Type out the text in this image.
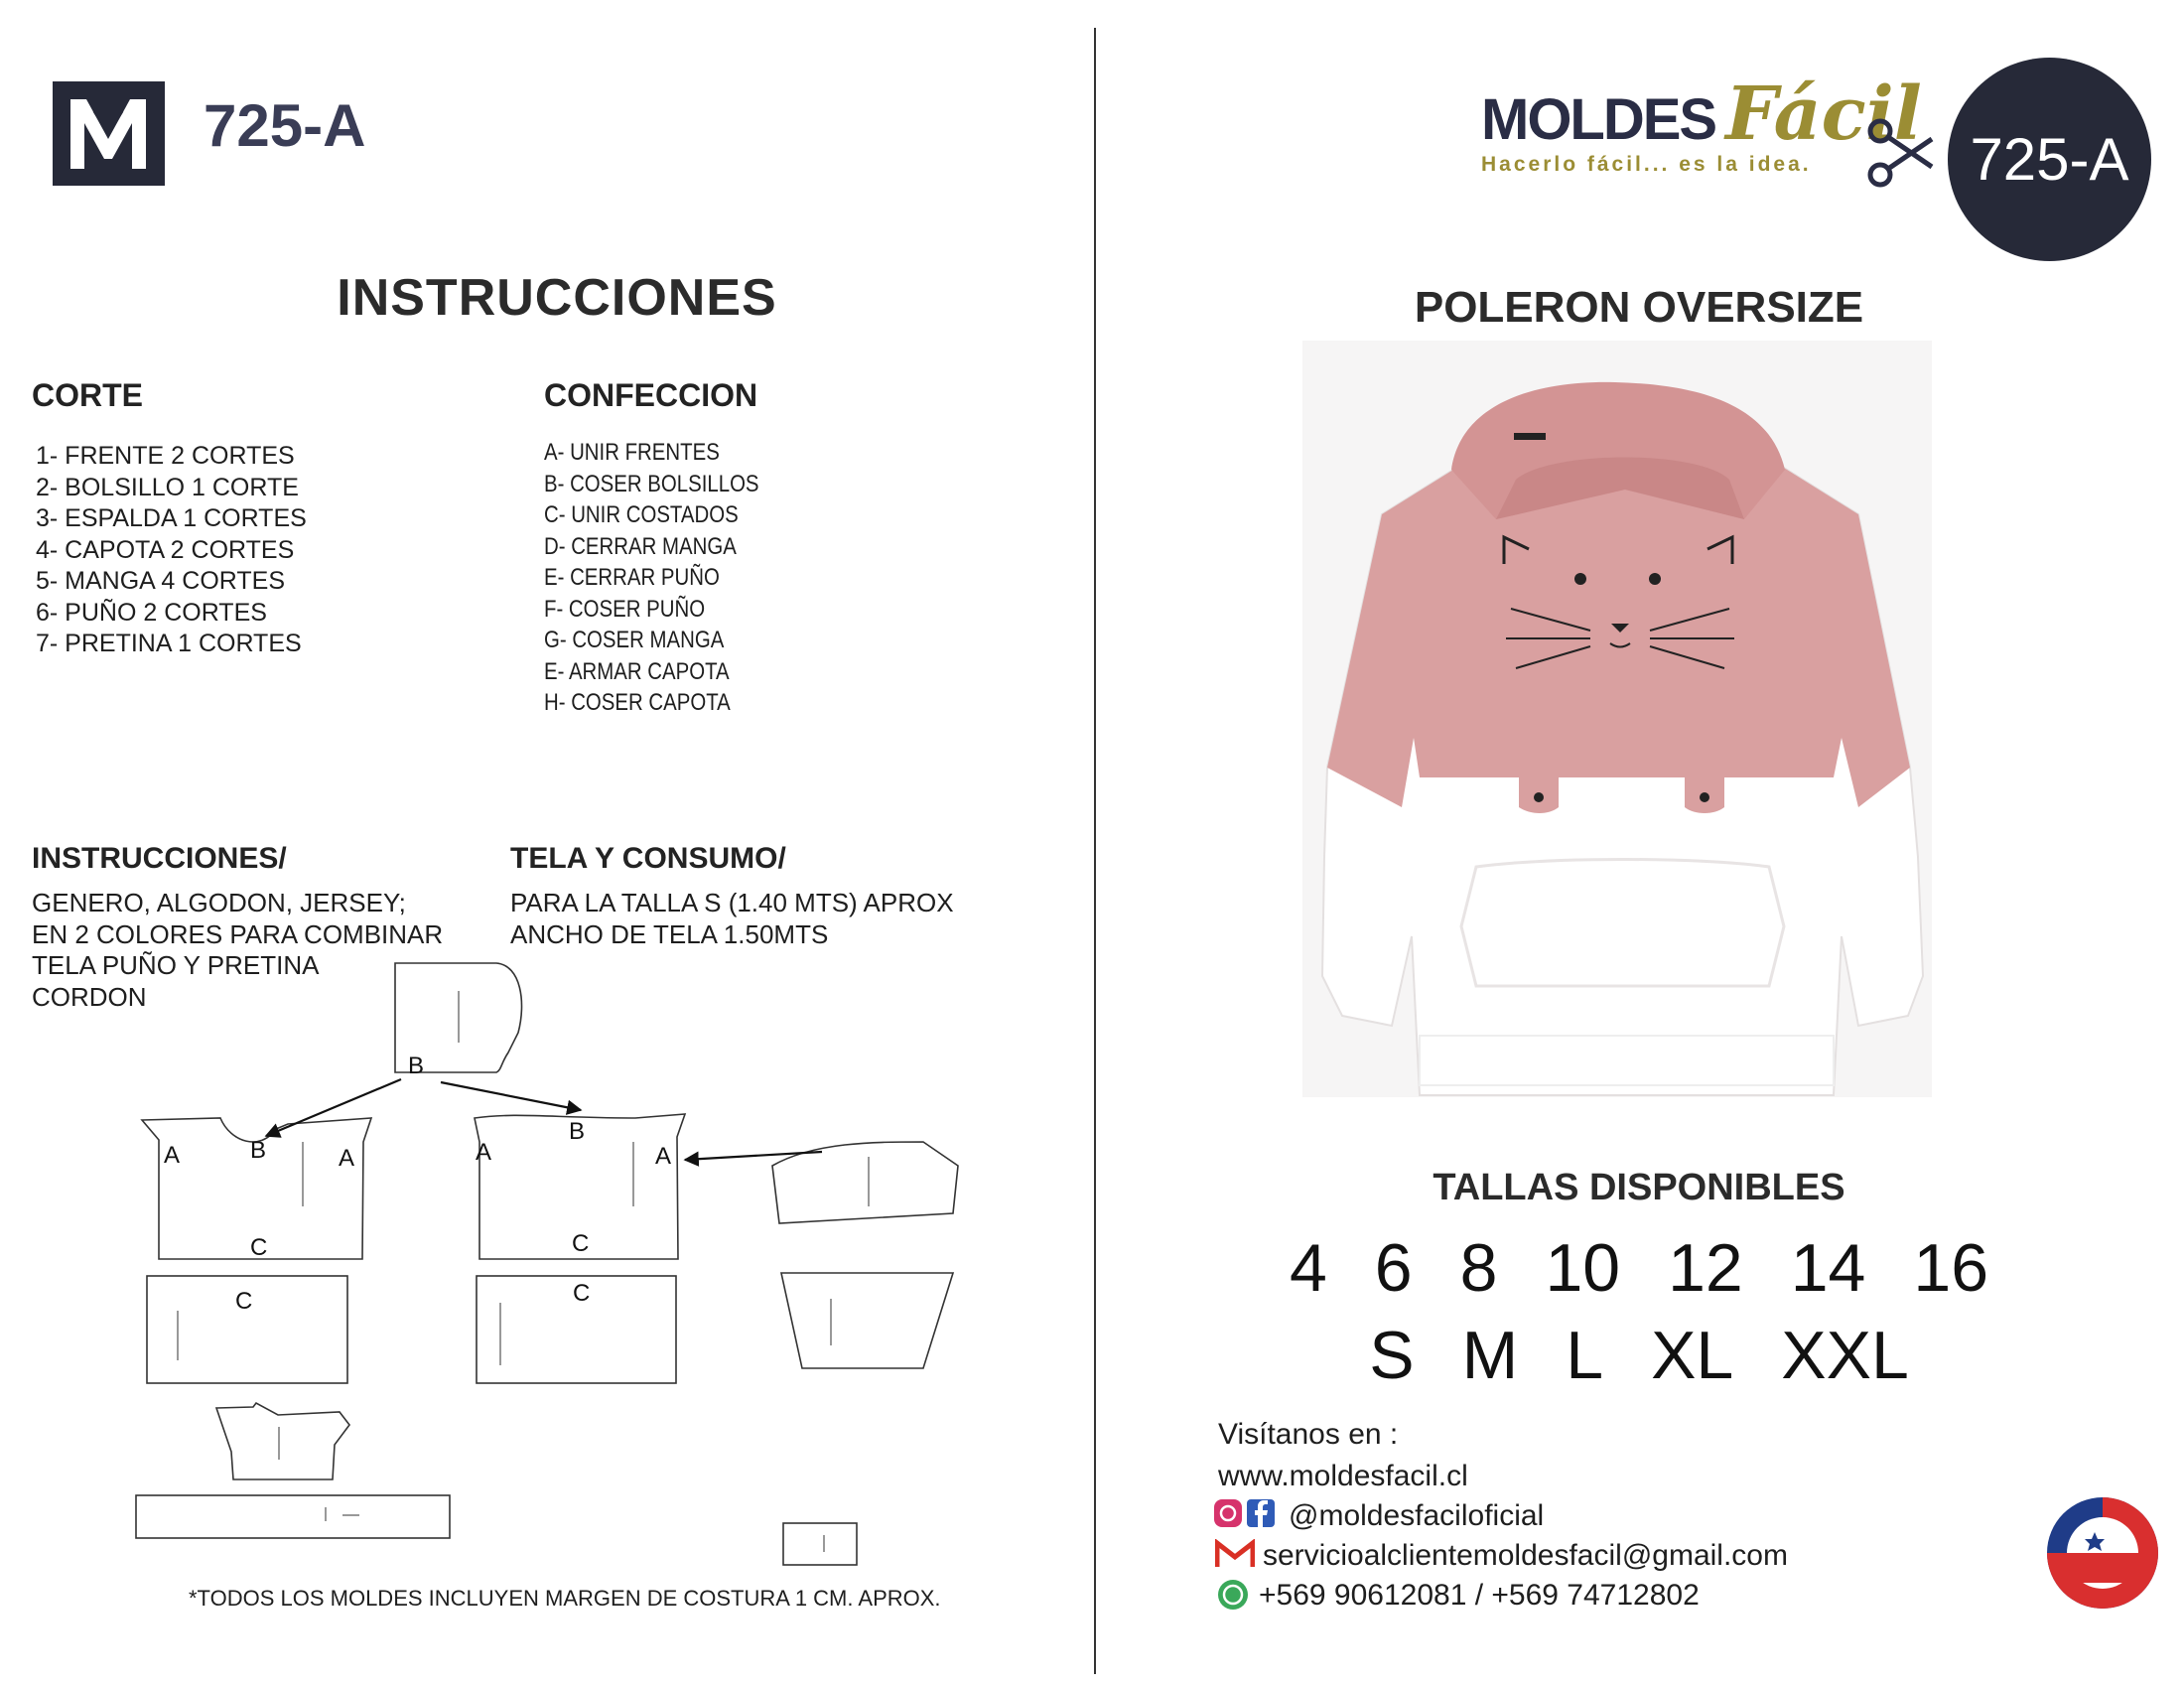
725-A
INSTRUCCIONES
CORTE
1- FRENTE 2 CORTES
2- BOLSILLO 1 CORTE
3- ESPALDA 1 CORTES
4- CAPOTA 2 CORTES
5- MANGA 4 CORTES
6- PUÑO 2 CORTES
7- PRETINA 1 CORTES
CONFECCION
A- UNIR FRENTES
B- COSER BOLSILLOS
C- UNIR COSTADOS
D- CERRAR MANGA
E- CERRAR PUÑO
F- COSER PUÑO
G- COSER MANGA
E- ARMAR CAPOTA
H- COSER CAPOTA
INSTRUCCIONES/
GENERO, ALGODON, JERSEY;
EN 2 COLORES PARA COMBINAR
TELA PUÑO Y PRETINA
CORDON
TELA Y CONSUMO/
PARA LA TALLA S (1.40 MTS) APROX
ANCHO DE TELA 1.50MTS
B
A	B	A	A
B
A
C	C
C	C
*TODOS LOS MOLDES INCLUYEN MARGEN DE COSTURA 1 CM. APROX.
MOLDES Fácil
Hacerlo fácil... es la idea.	725-A
POLERON OVERSIZE
TALLAS DISPONIBLES
4 6 8 10 12 14 16
S M L XL XXL
Visítanos en :
www.moldesfacil.cl
@moldesfaciloficial
servicioalclientemoldesfacil@gmail.com
+569 90612081 / +569 74712802
